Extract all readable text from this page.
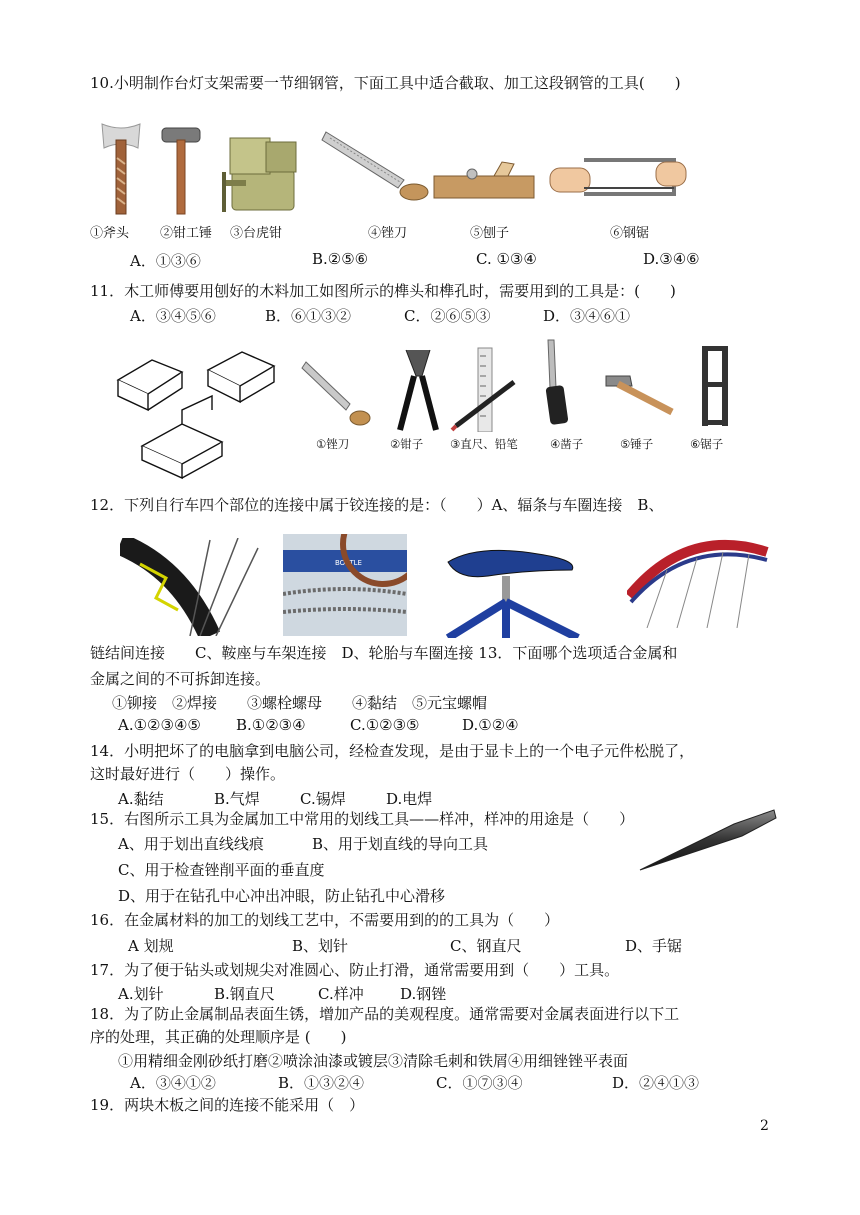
10.小明制作台灯支架需要一节细钢管，下面工具中适合截取、加工这段钢管的工具(　　)
①斧头 ②钳工锤 ③台虎钳	④锉刀	⑤刨子	⑥钢锯
A．①③⑥	B.②⑤⑥	C. ①③④	D.③④⑥
11．木工师傅要用刨好的木料加工如图所示的榫头和榫孔时，需要用到的工具是：(　　)
A．③④⑤⑥	B．⑥①③②	C．②⑥⑤③	D．③④⑥①
①锉刀	②钳子 ③直尺、铅笔	④凿子	⑤锤子	⑥锯子
12．下列自行车四个部位的连接中属于铰连接的是：（　　）A、辐条与车圈连接　B、
BOTTLE
链结间连接　　C、鞍座与车架连接　D、轮胎与车圈连接 13．下面哪个选项适合金属和
金属之间的不可拆卸连接。
①铆接　②焊接　　③螺栓螺母　　④黏结　⑤元宝螺帽
A.①②③④⑤ B.①②③④	C.①②③⑤	D.①②④
14．小明把坏了的电脑拿到电脑公司，经检查发现，是由于显卡上的一个电子元件松脱了，
这时最好进行（　　）操作。
A.黏结	B.气焊	C.锡焊	D.电焊
15．右图所示工具为金属加工中常用的划线工具——样冲，样冲的用途是（　　）
A、用于划出直线线痕	B、用于划直线的导向工具
C、用于检查锉削平面的垂直度
D、用于在钻孔中心冲出冲眼，防止钻孔中心滑移
16．在金属材料的加工的划线工艺中，不需要用到的的工具为（　　）
A 划规	B、划针	C、钢直尺	D、手锯
17．为了便于钻头或划规尖对准圆心、防止打滑，通常需要用到（　　）工具。
A.划针	B.钢直尺	C.样冲 D.钢锉
18．为了防止金属制品表面生锈，增加产品的美观程度。通常需要对金属表面进行以下工
序的处理，其正确的处理顺序是 (　　)
①用精细金刚砂纸打磨②喷涂油漆或镀层③清除毛刺和铁屑④用细锉锉平表面
A．③④①②	B．①③②④	C．①⑦③④	D．②④①③
19．两块木板之间的连接不能采用（　）
2
